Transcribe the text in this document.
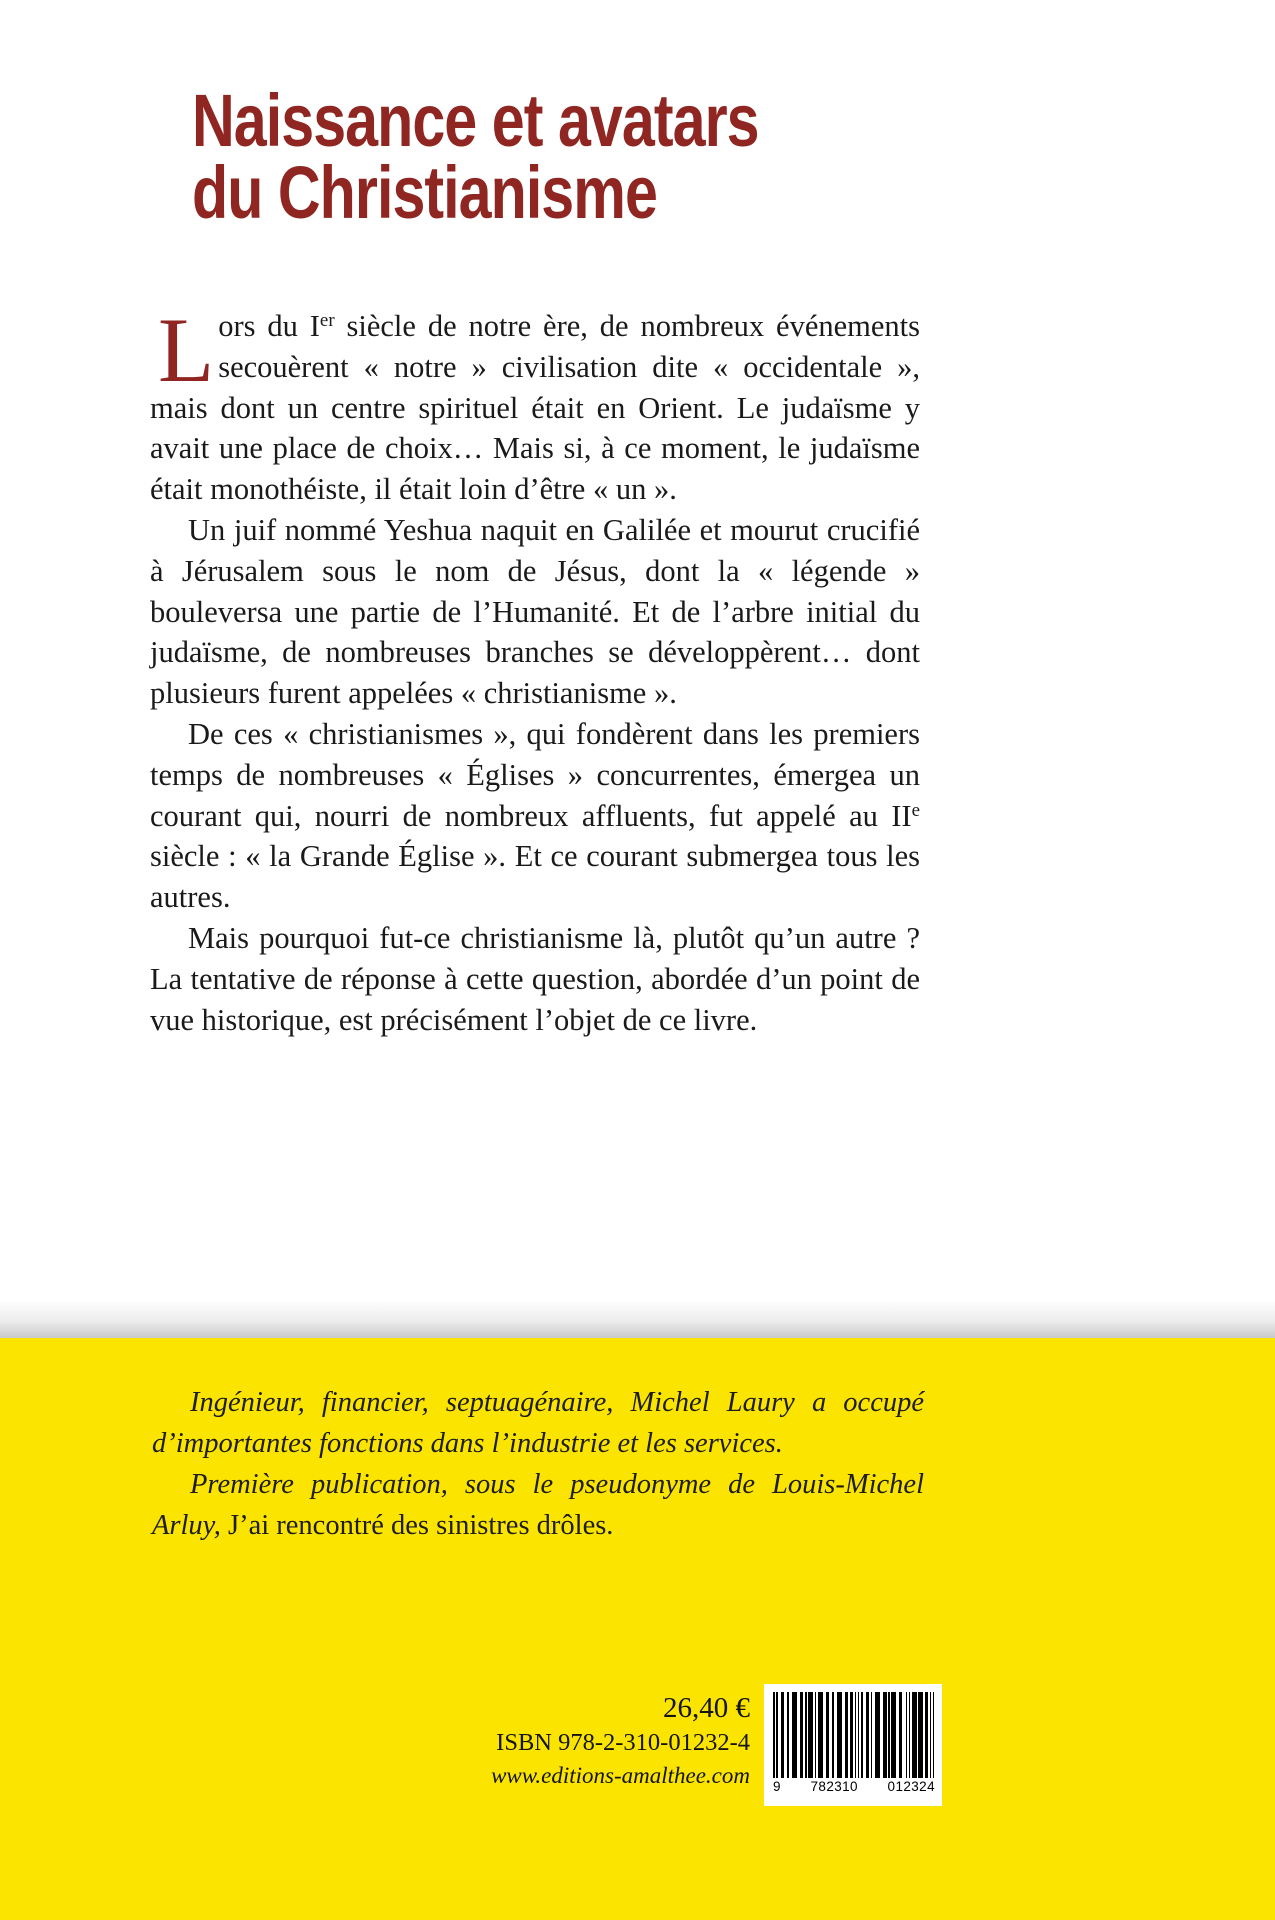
Naissance et avatars
du Christianisme

Lors du Ier siècle de notre ère, de nombreux événements secouèrent « notre » civilisation dite « occidentale », mais dont un centre spirituel était en Orient. Le judaïsme y avait une place de choix… Mais si, à ce moment, le judaïsme était monothéiste, il était loin d’être « un ».

Un juif nommé Yeshua naquit en Galilée et mourut crucifié à Jérusalem sous le nom de Jésus, dont la « légende » bouleversa une partie de l’Humanité. Et de l’arbre initial du judaïsme, de nombreuses branches se développèrent… dont plusieurs furent appelées « christianisme ».

De ces « christianismes », qui fondèrent dans les premiers temps de nombreuses « Églises » concurrentes, émergea un courant qui, nourri de nombreux affluents, fut appelé au IIe siècle : « la Grande Église ». Et ce courant submergea tous les autres.

Mais pourquoi fut-ce christianisme là, plutôt qu’un autre ? La tentative de réponse à cette question, abordée d’un point de vue historique, est précisément l’objet de ce livre.

Ingénieur, financier, septuagénaire, Michel Laury a occupé d’importantes fonctions dans l’industrie et les services.

Première publication, sous le pseudonyme de Louis-Michel Arluy, J’ai rencontré des sinistres drôles.

26,40 €
ISBN 978-2-310-01232-4
www.editions-amalthee.com 9 782310 012324
